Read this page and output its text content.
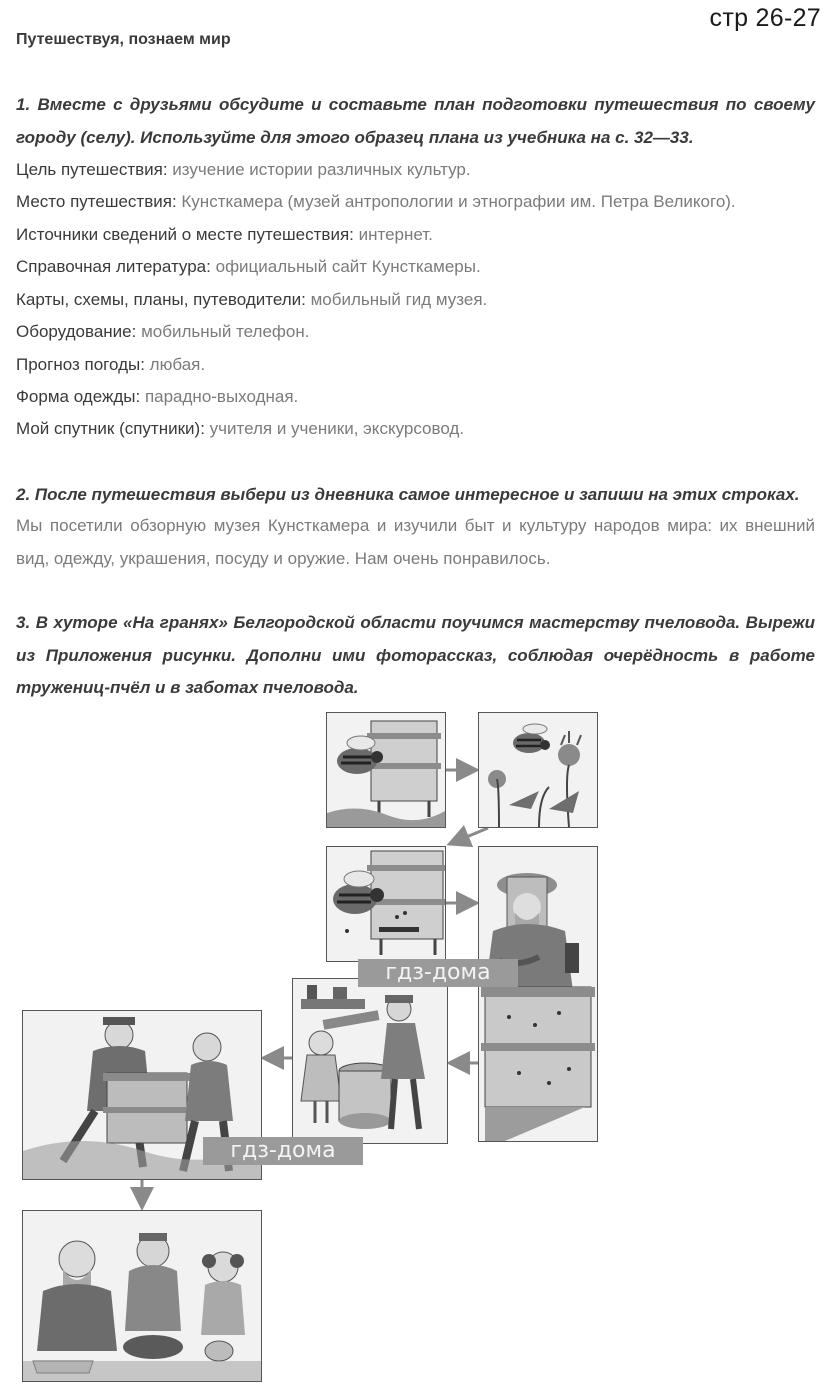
стр 26-27
Путешествуя, познаем мир
1. Вместе с друзьями обсудите и составьте план подготовки путешествия по своему городу (селу). Используйте для этого образец плана из учебника на с. 32—33.
Цель путешествия: изучение истории различных культур.
Место путешествия: Кунсткамера (музей антропологии и этнографии им. Петра Великого).
Источники сведений о месте путешествия: интернет.
Справочная литература: официальный сайт Кунсткамеры.
Карты, схемы, планы, путеводители: мобильный гид музея.
Оборудование: мобильный телефон.
Прогноз погоды: любая.
Форма одежды: парадно-выходная.
Мой спутник (спутники): учителя и ученики, экскурсовод.
2. После путешествия выбери из дневника самое интересное и запиши на этих строках.
Мы посетили обзорную музея Кунсткамера и изучили быт и культуру народов мира: их внешний вид, одежду, украшения, посуду и оружие. Нам очень понравилось.
3. В хуторе «На гранях» Белгородской области поучимся мастерству пчеловода. Вырежи из Приложения рисунки. Дополни ими фоторассказ, соблюдая очерёдность в работе тружениц-пчёл и в заботах пчеловода.
гдз-дома
гдз-дома
